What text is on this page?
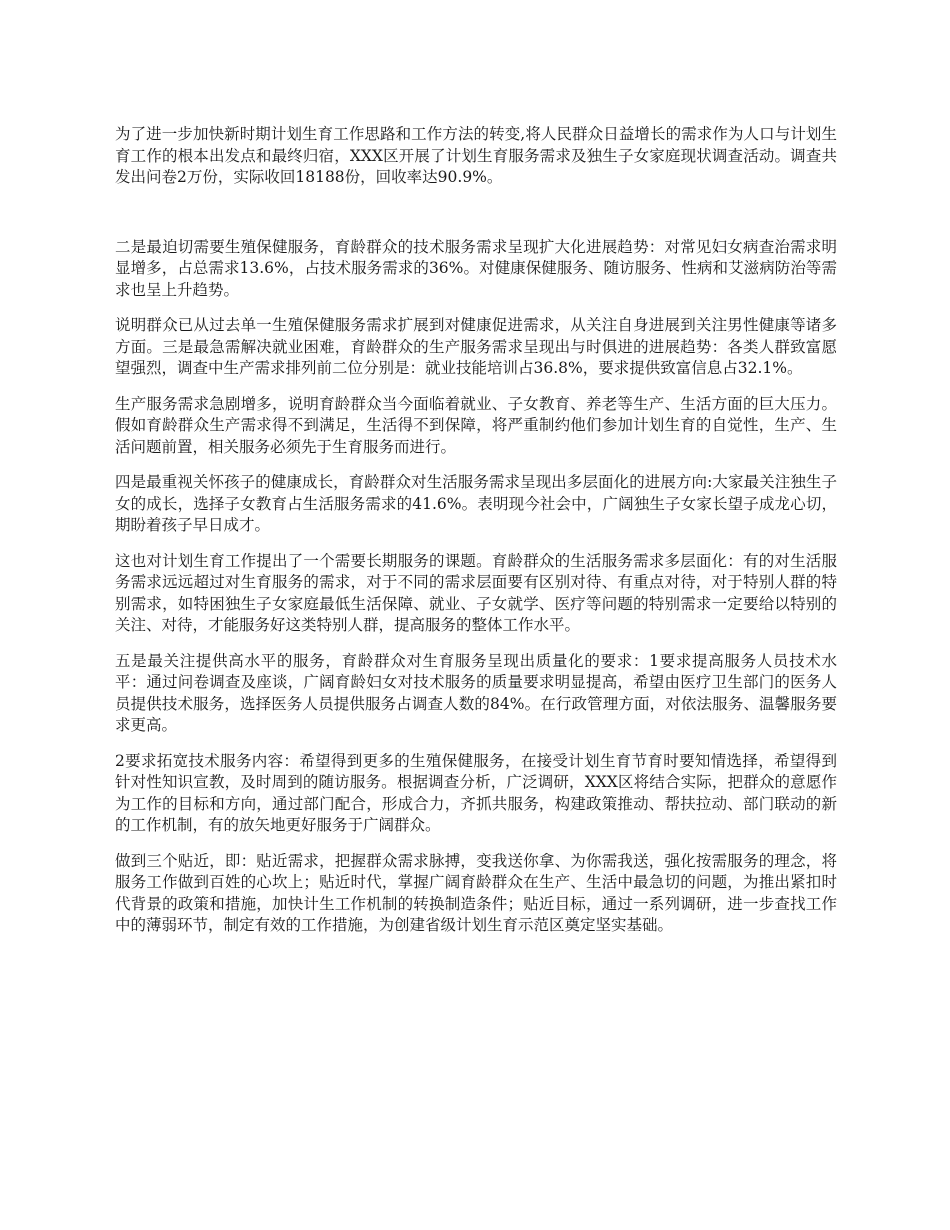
为了进一步加快新时期计划生育工作思路和工作方法的转变,将人民群众日益增长的需求作为人口与计划生育工作的根本出发点和最终归宿，XXX区开展了计划生育服务需求及独生子女家庭现状调查活动。调查共发出问卷2万份，实际收回18188份，回收率达90.9%。

二是最迫切需要生殖保健服务，育龄群众的技术服务需求呈现扩大化进展趋势：对常见妇女病查治需求明显增多，占总需求13.6%，占技术服务需求的36%。对健康保健服务、随访服务、性病和艾滋病防治等需求也呈上升趋势。

说明群众已从过去单一生殖保健服务需求扩展到对健康促进需求，从关注自身进展到关注男性健康等诸多方面。三是最急需解决就业困难，育龄群众的生产服务需求呈现出与时俱进的进展趋势：各类人群致富愿望强烈，调查中生产需求排列前二位分别是：就业技能培训占36.8%，要求提供致富信息占32.1%。

生产服务需求急剧增多，说明育龄群众当今面临着就业、子女教育、养老等生产、生活方面的巨大压力。假如育龄群众生产需求得不到满足，生活得不到保障，将严重制约他们参加计划生育的自觉性，生产、生活问题前置，相关服务必须先于生育服务而进行。

四是最重视关怀孩子的健康成长，育龄群众对生活服务需求呈现出多层面化的进展方向:大家最关注独生子女的成长，选择子女教育占生活服务需求的41.6%。表明现今社会中，广阔独生子女家长望子成龙心切，期盼着孩子早日成才。

这也对计划生育工作提出了一个需要长期服务的课题。育龄群众的生活服务需求多层面化：有的对生活服务需求远远超过对生育服务的需求，对于不同的需求层面要有区别对待、有重点对待，对于特别人群的特别需求，如特困独生子女家庭最低生活保障、就业、子女就学、医疗等问题的特别需求一定要给以特别的关注、对待，才能服务好这类特别人群，提高服务的整体工作水平。

五是最关注提供高水平的服务，育龄群众对生育服务呈现出质量化的要求：1要求提高服务人员技术水平：通过问卷调查及座谈，广阔育龄妇女对技术服务的质量要求明显提高，希望由医疗卫生部门的医务人员提供技术服务，选择医务人员提供服务占调查人数的84%。在行政管理方面，对依法服务、温馨服务要求更高。

2要求拓宽技术服务内容：希望得到更多的生殖保健服务，在接受计划生育节育时要知情选择，希望得到针对性知识宣教，及时周到的随访服务。根据调查分析，广泛调研，XXX区将结合实际，把群众的意愿作为工作的目标和方向，通过部门配合，形成合力，齐抓共服务，构建政策推动、帮扶拉动、部门联动的新的工作机制，有的放矢地更好服务于广阔群众。

做到三个贴近，即：贴近需求，把握群众需求脉搏，变我送你拿、为你需我送，强化按需服务的理念，将服务工作做到百姓的心坎上；贴近时代，掌握广阔育龄群众在生产、生活中最急切的问题，为推出紧扣时代背景的政策和措施，加快计生工作机制的转换制造条件；贴近目标，通过一系列调研，进一步查找工作中的薄弱环节，制定有效的工作措施，为创建省级计划生育示范区奠定坚实基础。
